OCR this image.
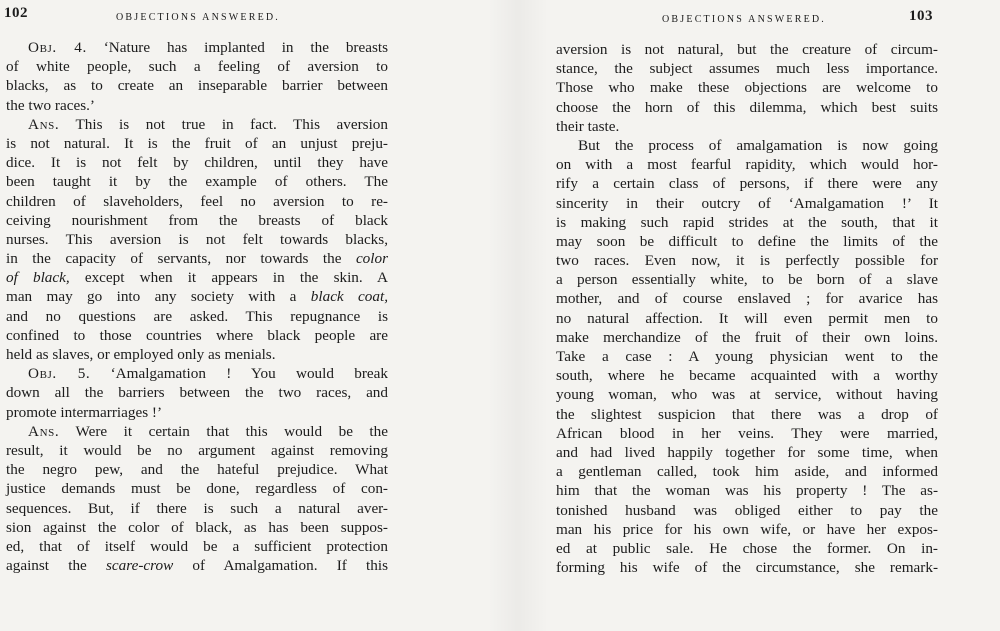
102	OBJECTIONS ANSWERED.
Obj. 4. ‘Nature has implanted in the breasts
of white people, such a feeling of aversion to
blacks, as to create an inseparable barrier between
the two races.’
Ans. This is not true in fact. This aversion
is not natural. It is the fruit of an unjust preju-
dice. It is not felt by children, until they have
been taught it by the example of others. The
children of slaveholders, feel no aversion to re-
ceiving nourishment from the breasts of black
nurses. This aversion is not felt towards blacks,
in the capacity of servants, nor towards the color
of black, except when it appears in the skin. A
man may go into any society with a black coat,
and no questions are asked. This repugnance is
confined to those countries where black people are
held as slaves, or employed only as menials.
Obj. 5. ‘Amalgamation ! You would break
down all the barriers between the two races, and
promote intermarriages !’
Ans. Were it certain that this would be the
result, it would be no argument against removing
the negro pew, and the hateful prejudice. What
justice demands must be done, regardless of con-
sequences. But, if there is such a natural aver-
sion against the color of black, as has been suppos-
ed, that of itself would be a sufficient protection
against the scare-crow of Amalgamation. If this
103
OBJECTIONS ANSWERED.
aversion is not natural, but the creature of circum-
stance, the subject assumes much less importance.
Those who make these objections are welcome to
choose the horn of this dilemma, which best suits
their taste.
But the process of amalgamation is now going
on with a most fearful rapidity, which would hor-
rify a certain class of persons, if there were any
sincerity in their outcry of ‘Amalgamation !’ It
is making such rapid strides at the south, that it
may soon be difficult to define the limits of the
two races. Even now, it is perfectly possible for
a person essentially white, to be born of a slave
mother, and of course enslaved ; for avarice has
no natural affection. It will even permit men to
make merchandize of the fruit of their own loins.
Take a case : A young physician went to the
south, where he became acquainted with a worthy
young woman, who was at service, without having
the slightest suspicion that there was a drop of
African blood in her veins. They were married,
and had lived happily together for some time, when
a gentleman called, took him aside, and informed
him that the woman was his property ! The as-
tonished husband was obliged either to pay the
man his price for his own wife, or have her expos-
ed at public sale. He chose the former. On in-
forming his wife of the circumstance, she remark-
